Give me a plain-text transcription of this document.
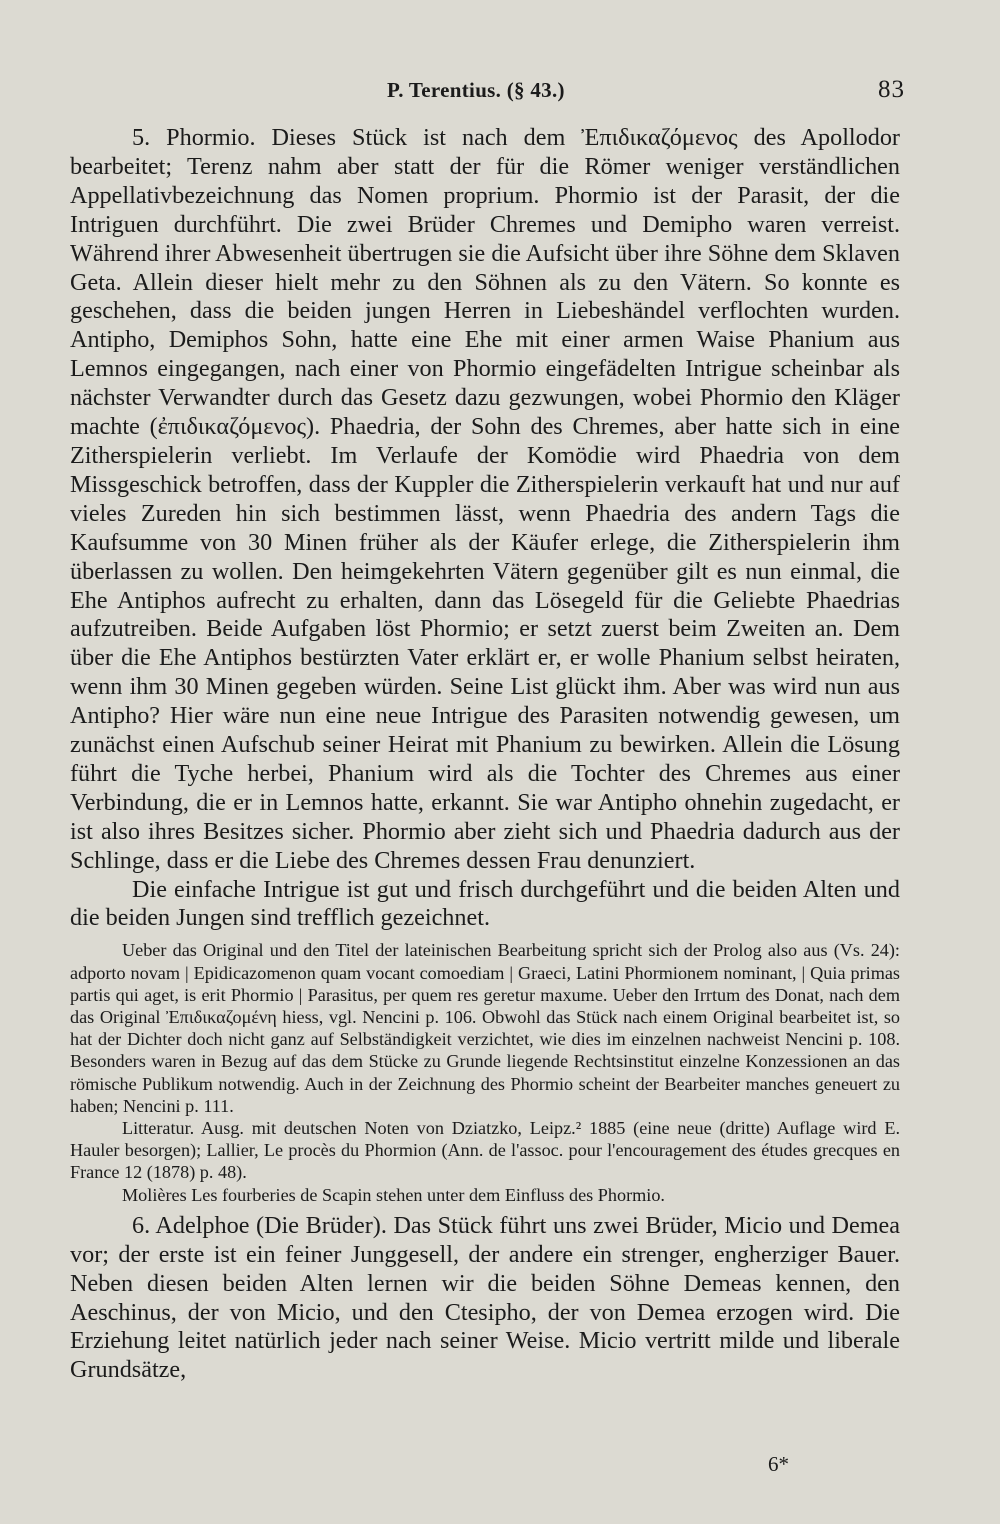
P. Terentius. (§ 43.)	83

5. Phormio. Dieses Stück ist nach dem Ἐπιδικαζόμενος des Apollodor bearbeitet; Terenz nahm aber statt der für die Römer weniger verständlichen Appellativbezeichnung das Nomen proprium. Phormio ist der Parasit, der die Intriguen durchführt. Die zwei Brüder Chremes und Demipho waren verreist. Während ihrer Abwesenheit übertrugen sie die Aufsicht über ihre Söhne dem Sklaven Geta. Allein dieser hielt mehr zu den Söhnen als zu den Vätern. So konnte es geschehen, dass die beiden jungen Herren in Liebeshändel verflochten wurden. Antipho, Demiphos Sohn, hatte eine Ehe mit einer armen Waise Phanium aus Lemnos eingegangen, nach einer von Phormio eingefädelten Intrigue scheinbar als nächster Verwandter durch das Gesetz dazu gezwungen, wobei Phormio den Kläger machte (ἐπιδικαζόμενος). Phaedria, der Sohn des Chremes, aber hatte sich in eine Zitherspielerin verliebt. Im Verlaufe der Komödie wird Phaedria von dem Missgeschick betroffen, dass der Kuppler die Zitherspielerin verkauft hat und nur auf vieles Zureden hin sich bestimmen lässt, wenn Phaedria des andern Tags die Kaufsumme von 30 Minen früher als der Käufer erlege, die Zitherspielerin ihm überlassen zu wollen. Den heimgekehrten Vätern gegenüber gilt es nun einmal, die Ehe Antiphos aufrecht zu erhalten, dann das Lösegeld für die Geliebte Phaedrias aufzutreiben. Beide Aufgaben löst Phormio; er setzt zuerst beim Zweiten an. Dem über die Ehe Antiphos bestürzten Vater erklärt er, er wolle Phanium selbst heiraten, wenn ihm 30 Minen gegeben würden. Seine List glückt ihm. Aber was wird nun aus Antipho? Hier wäre nun eine neue Intrigue des Parasiten notwendig gewesen, um zunächst einen Aufschub seiner Heirat mit Phanium zu bewirken. Allein die Lösung führt die Tyche herbei, Phanium wird als die Tochter des Chremes aus einer Verbindung, die er in Lemnos hatte, erkannt. Sie war Antipho ohnehin zugedacht, er ist also ihres Besitzes sicher. Phormio aber zieht sich und Phaedria dadurch aus der Schlinge, dass er die Liebe des Chremes dessen Frau denunziert.

Die einfache Intrigue ist gut und frisch durchgeführt und die beiden Alten und die beiden Jungen sind trefflich gezeichnet.

Ueber das Original und den Titel der lateinischen Bearbeitung spricht sich der Prolog also aus (Vs. 24): adporto novam | Epidicazomenon quam vocant comoediam | Graeci, Latini Phormionem nominant, | Quia primas partis qui aget, is erit Phormio | Parasitus, per quem res geretur maxume. Ueber den Irrtum des Donat, nach dem das Original Ἐπιδικαζομένη hiess, vgl. Nencini p. 106. Obwohl das Stück nach einem Original bearbeitet ist, so hat der Dichter doch nicht ganz auf Selbständigkeit verzichtet, wie dies im einzelnen nachweist Nencini p. 108. Besonders waren in Bezug auf das dem Stücke zu Grunde liegende Rechtsinstitut einzelne Konzessionen an das römische Publikum notwendig. Auch in der Zeichnung des Phormio scheint der Bearbeiter manches geneuert zu haben; Nencini p. 111.

Litteratur. Ausg. mit deutschen Noten von Dziatzko, Leipz.² 1885 (eine neue (dritte) Auflage wird E. Hauler besorgen); Lallier, Le procès du Phormion (Ann. de l'assoc. pour l'encouragement des études grecques en France 12 (1878) p. 48).

Molières Les fourberies de Scapin stehen unter dem Einfluss des Phormio.

6. Adelphoe (Die Brüder). Das Stück führt uns zwei Brüder, Micio und Demea vor; der erste ist ein feiner Junggesell, der andere ein strenger, engherziger Bauer. Neben diesen beiden Alten lernen wir die beiden Söhne Demeas kennen, den Aeschinus, der von Micio, und den Ctesipho, der von Demea erzogen wird. Die Erziehung leitet natürlich jeder nach seiner Weise. Micio vertritt milde und liberale Grundsätze,

6*
